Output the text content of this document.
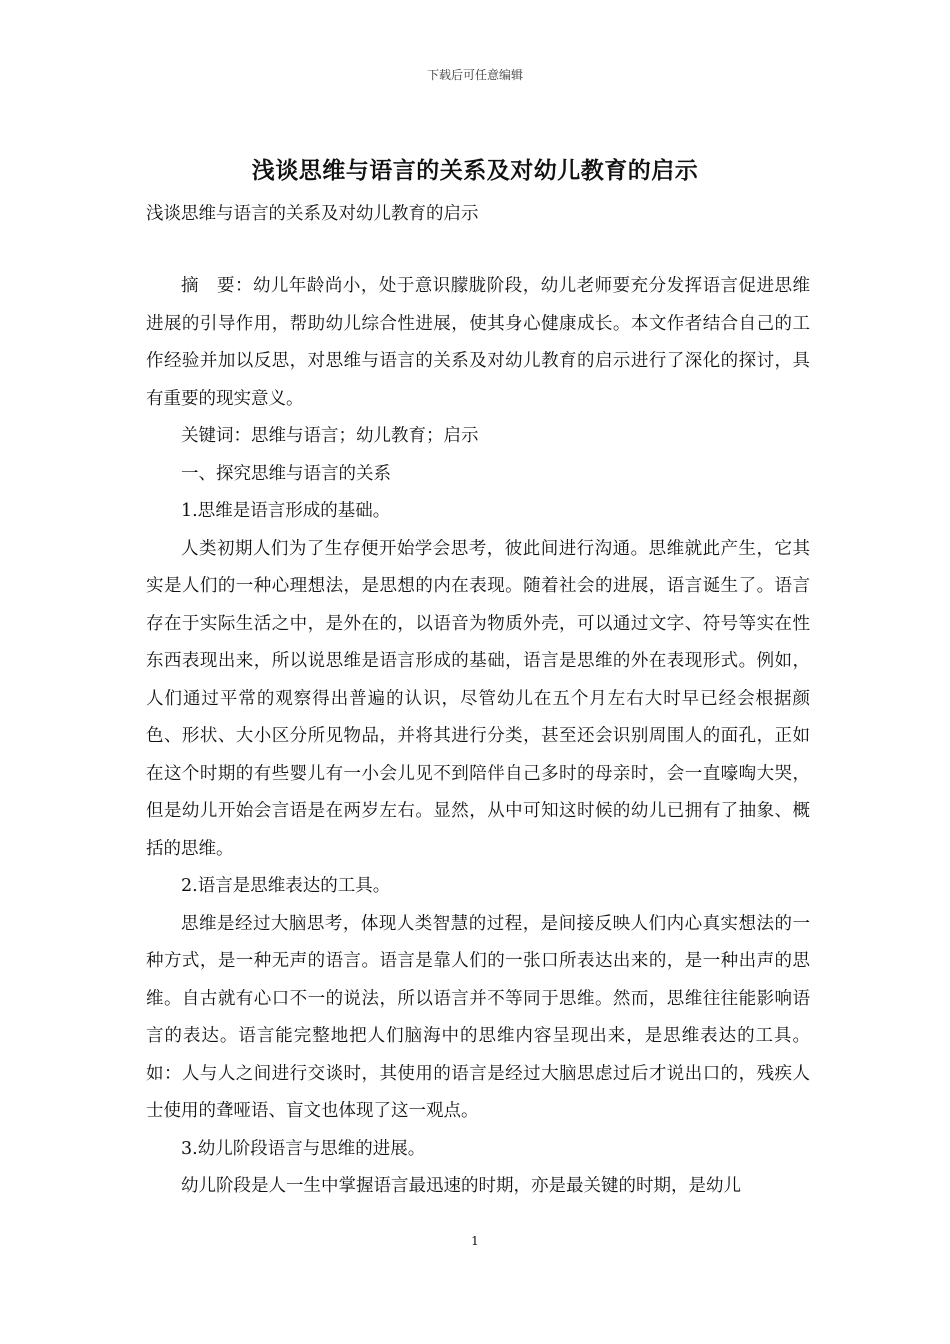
下载后可任意编辑
浅谈思维与语言的关系及对幼儿教育的启示
浅谈思维与语言的关系及对幼儿教育的启示

摘　要：幼儿年龄尚小，处于意识朦胧阶段，幼儿老师要充分发挥语言促进思维进展的引导作用，帮助幼儿综合性进展，使其身心健康成长。本文作者结合自己的工作经验并加以反思，对思维与语言的关系及对幼儿教育的启示进行了深化的探讨，具有重要的现实意义。

关键词：思维与语言；幼儿教育；启示

一、探究思维与语言的关系

1.思维是语言形成的基础。

人类初期人们为了生存便开始学会思考，彼此间进行沟通。思维就此产生，它其实是人们的一种心理想法，是思想的内在表现。随着社会的进展，语言诞生了。语言存在于实际生活之中，是外在的，以语音为物质外壳，可以通过文字、符号等实在性东西表现出来，所以说思维是语言形成的基础，语言是思维的外在表现形式。例如，人们通过平常的观察得出普遍的认识，尽管幼儿在五个月左右大时早已经会根据颜色、形状、大小区分所见物品，并将其进行分类，甚至还会识别周围人的面孔，正如在这个时期的有些婴儿有一小会儿见不到陪伴自己多时的母亲时，会一直嚎啕大哭，但是幼儿开始会言语是在两岁左右。显然，从中可知这时候的幼儿已拥有了抽象、概括的思维。

2.语言是思维表达的工具。

思维是经过大脑思考，体现人类智慧的过程，是间接反映人们内心真实想法的一种方式，是一种无声的语言。语言是靠人们的一张口所表达出来的，是一种出声的思维。自古就有心口不一的说法，所以语言并不等同于思维。然而，思维往往能影响语言的表达。语言能完整地把人们脑海中的思维内容呈现出来，是思维表达的工具。如：人与人之间进行交谈时，其使用的语言是经过大脑思虑过后才说出口的，残疾人士使用的聋哑语、盲文也体现了这一观点。

3.幼儿阶段语言与思维的进展。

幼儿阶段是人一生中掌握语言最迅速的时期，亦是最关键的时期，是幼儿

1
